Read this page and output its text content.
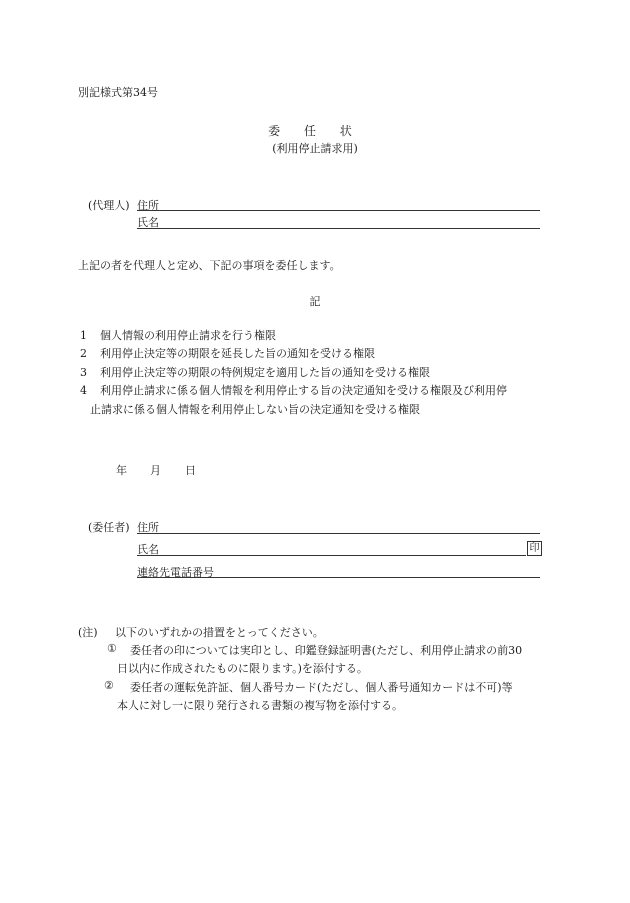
別記様式第34号
委 任 状
(利用停止請求用)
(代理人) 住所
氏名
上記の者を代理人と定め、下記の事項を委任します。
記
1 個人情報の利用停止請求を行う権限
2 利用停止決定等の期限を延長した旨の通知を受ける権限
3 利用停止決定等の期限の特例規定を適用した旨の通知を受ける権限
4 利用停止請求に係る個人情報を利用停止する旨の決定通知を受ける権限及び利用停
止請求に係る個人情報を利用停止しない旨の決定通知を受ける権限
年 月 日
(委任者) 住所
氏名	印
連絡先電話番号
(注) 以下のいずれかの措置をとってください。
① 委任者の印については実印とし、印鑑登録証明書(ただし、利用停止請求の前30
日以内に作成されたものに限ります。)を添付する。
② 委任者の運転免許証、個人番号カード(ただし、個人番号通知カードは不可)等
本人に対し一に限り発行される書類の複写物を添付する。
